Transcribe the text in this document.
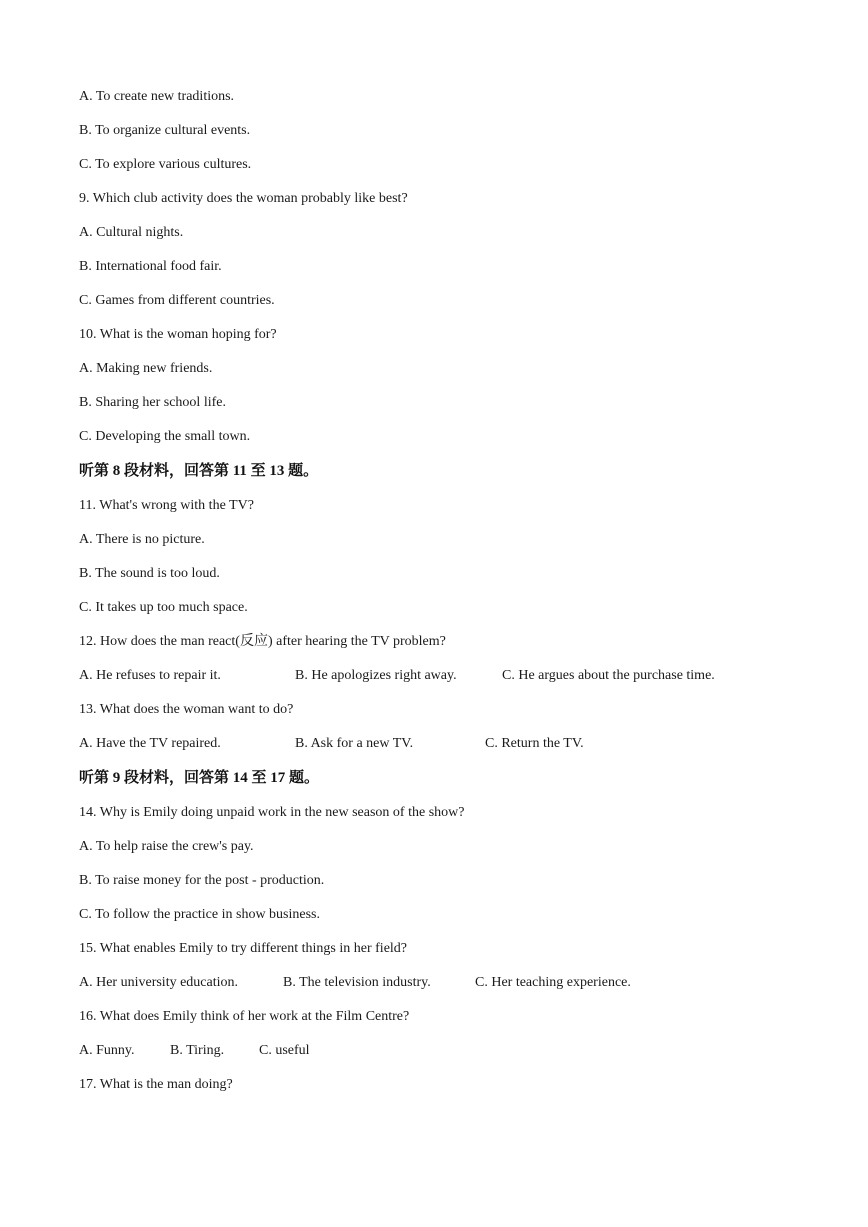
A. To create new traditions.
B. To organize cultural events.
C. To explore various cultures.
9. Which club activity does the woman probably like best?
A. Cultural nights.
B. International food fair.
C. Games from different countries.
10. What is the woman hoping for?
A. Making new friends.
B. Sharing her school life.
C. Developing the small town.
听第 8 段材料，回答第 11 至 13 题。
11. What's wrong with the TV?
A. There is no picture.
B. The sound is too loud.
C. It takes up too much space.
12. How does the man react(反应) after hearing the TV problem?
A. He refuses to repair it.	B. He apologizes right away.	C. He argues about the purchase time.
13. What does the woman want to do?
A. Have the TV repaired.	B. Ask for a new TV.	C. Return the TV.
听第 9 段材料，回答第 14 至 17 题。
14. Why is Emily doing unpaid work in the new season of the show?
A. To help raise the crew's pay.
B. To raise money for the post - production.
C. To follow the practice in show business.
15. What enables Emily to try different things in her field?
A. Her university education.	B. The television industry.	C. Her teaching experience.
16. What does Emily think of her work at the Film Centre?
A. Funny.	B. Tiring. C. useful
17. What is the man doing?
